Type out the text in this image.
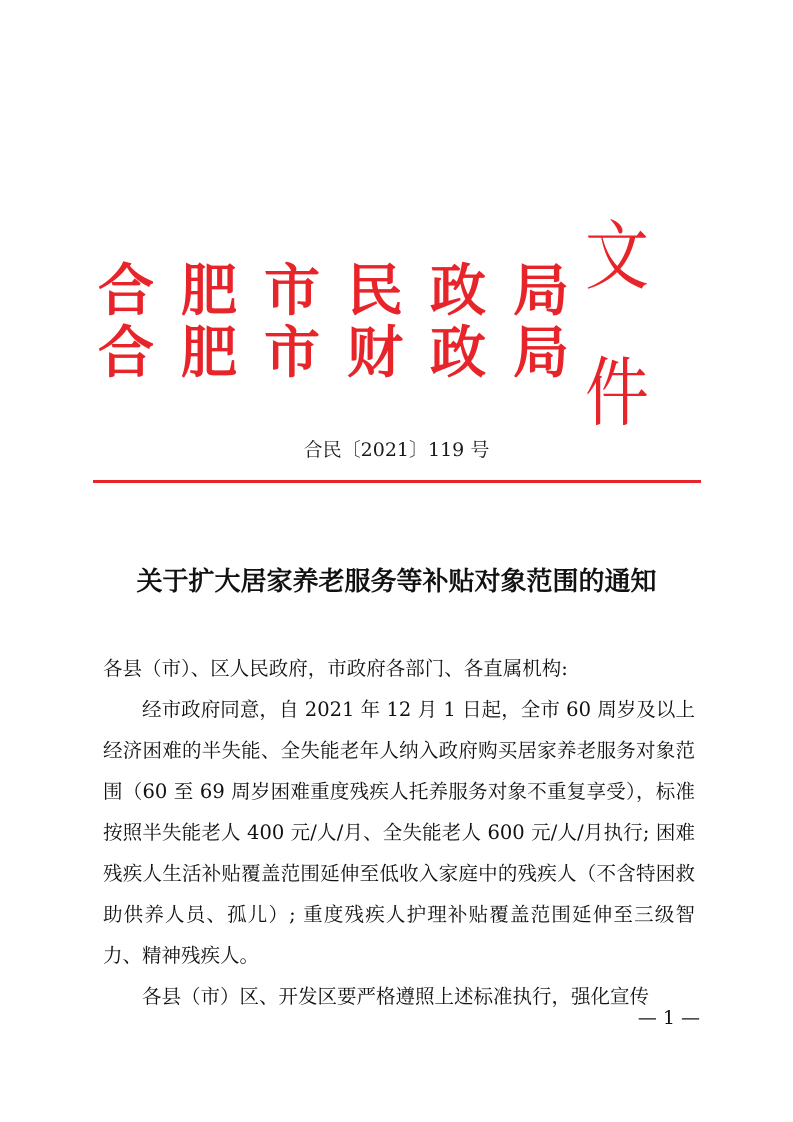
合 肥 市 民 政 局
合 肥 市 财 政 局
文件
合民〔2021〕119 号
关于扩大居家养老服务等补贴对象范围的通知

各县（市）、区人民政府，市政府各部门、各直属机构:

经市政府同意，自 2021 年 12 月 1 日起，全市 60 周岁及以上经济困难的半失能、全失能老年人纳入政府购买居家养老服务对象范围（60 至 69 周岁困难重度残疾人托养服务对象不重复享受），标准按照半失能老人 400 元/人/月、全失能老人 600 元/人/月执行; 困难残疾人生活补贴覆盖范围延伸至低收入家庭中的残疾人（不含特困救助供养人员、孤儿）; 重度残疾人护理补贴覆盖范围延伸至三级智力、精神残疾人。

各县（市）区、开发区要严格遵照上述标准执行，强化宣传

— 1 —
